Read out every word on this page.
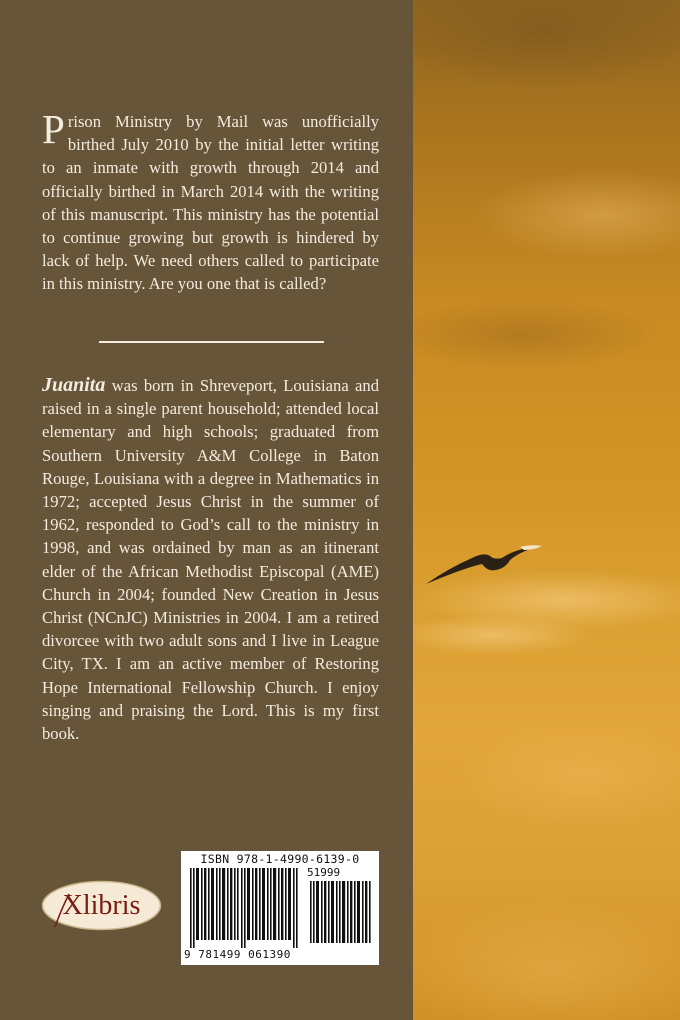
Prison Ministry by Mail was unofficially birthed July 2010 by the initial letter writing to an inmate with growth through 2014 and officially birthed in March 2014 with the writing of this manuscript. This ministry has the potential to continue growing but growth is hindered by lack of help. We need others called to participate in this ministry. Are you one that is called?
Juanita was born in Shreveport, Louisiana and raised in a single parent household; attended local elementary and high schools; graduated from Southern University A&M College in Baton Rouge, Louisiana with a degree in Mathematics in 1972; accepted Jesus Christ in the summer of 1962, responded to God’s call to the ministry in 1998, and was ordained by man as an itinerant elder of the African Methodist Episcopal (AME) Church in 2004; founded New Creation in Jesus Christ (NCnJC) Ministries in 2004. I am a retired divorcee with two adult sons and I live in League City, TX. I am an active member of Restoring Hope International Fellowship Church. I enjoy singing and praising the Lord. This is my first book.
Xlibris
ISBN 978-1-4990-6139-0
51999
9 781499 061390
